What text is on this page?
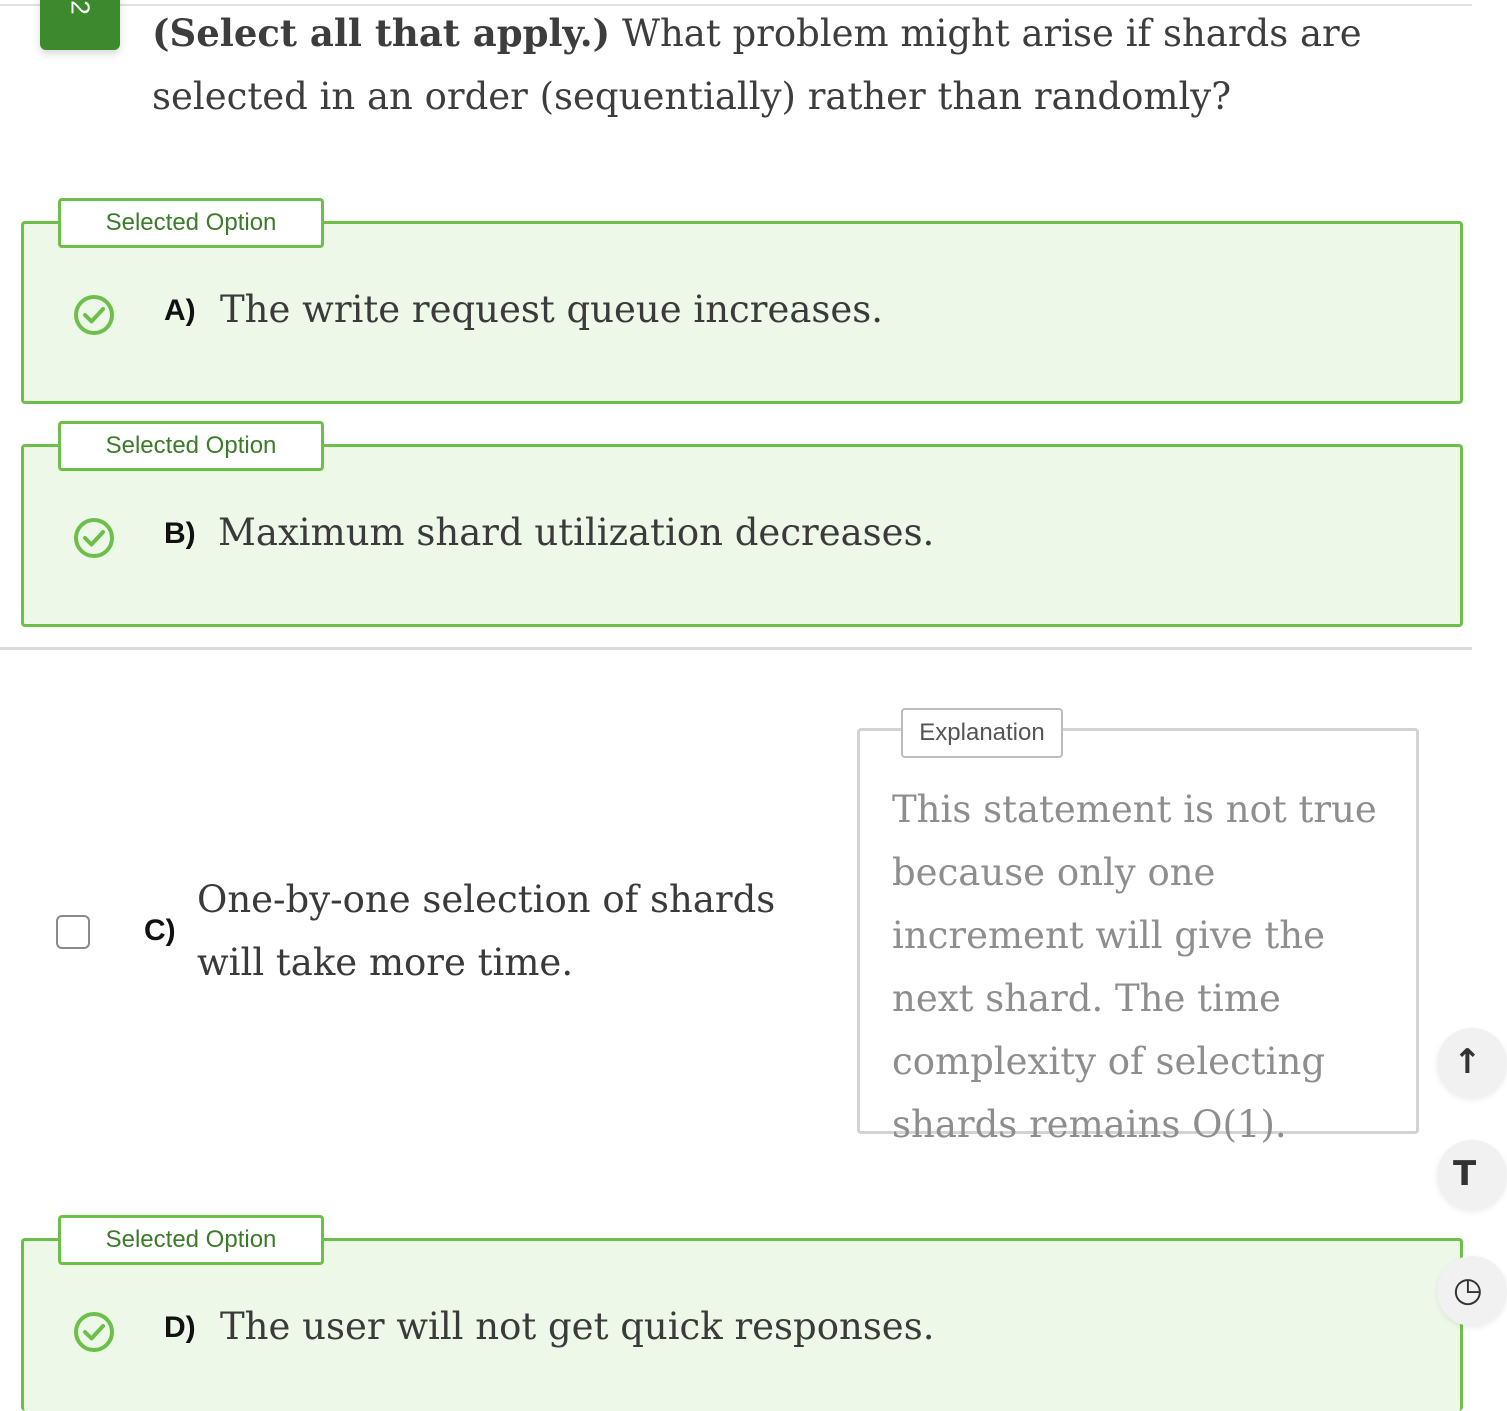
2
(Select all that apply.) What problem might arise if shards are selected in an order (sequentially) rather than randomly?
Selected Option
A) The write request queue increases.
Selected Option
B) Maximum shard utilization decreases.
C)
One-by-one selection of shards will take more time.
Explanation
This statement is not true because only one increment will give the next shard. The time complexity of selecting shards remains O(1).
Selected Option
D) The user will not get quick responses.
↑
T
◷
